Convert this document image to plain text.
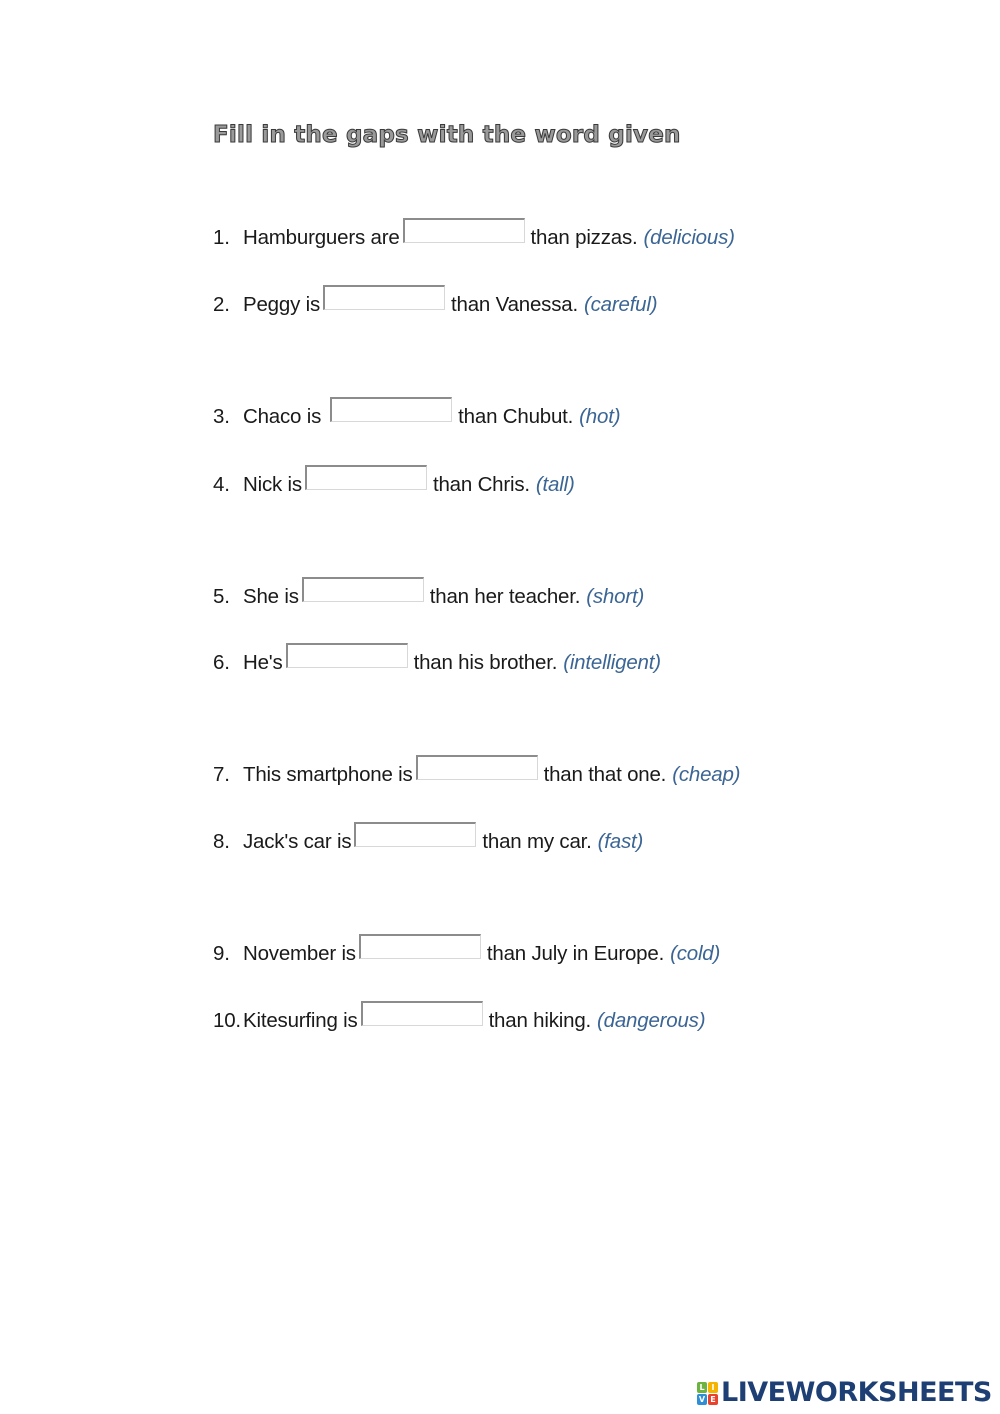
Fill in the gaps with the word given
1. Hamburguers are	than pizzas. (delicious)
2. Peggy is	than Vanessa. (careful)
3. Chaco is	than Chubut. (hot)
4. Nick is	than Chris. (tall)
5. She is	than her teacher. (short)
6. He's	than his brother. (intelligent)
7. This smartphone is	than that one. (cheap)
8. Jack's car is	than my car. (fast)
9. November is	than July in Europe. (cold)
10. Kitesurfing is	than hiking. (dangerous)
L I
V E LIVEWORKSHEETS
